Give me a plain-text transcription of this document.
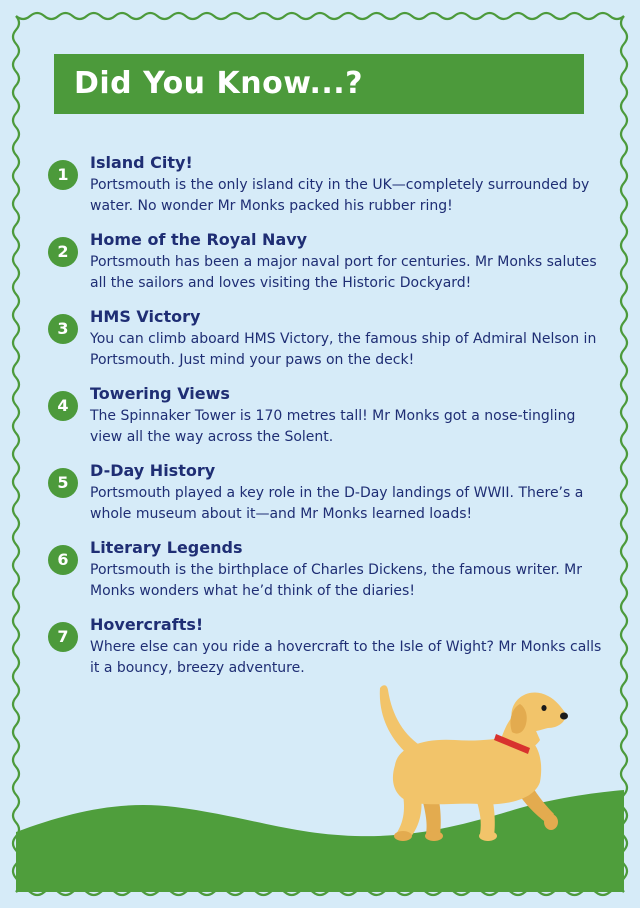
Did You Know...?
1
Island City!
Portsmouth is the only island city in the UK—completely surrounded by water. No wonder Mr Monks packed his rubber ring!
2
Home of the Royal Navy
Portsmouth has been a major naval port for centuries. Mr Monks salutes all the sailors and loves visiting the Historic Dockyard!
3
HMS Victory
You can climb aboard HMS Victory, the famous ship of Admiral Nelson in Portsmouth. Just mind your paws on the deck!
4
Towering Views
The Spinnaker Tower is 170 metres tall! Mr Monks got a nose-tingling view all the way across the Solent.
5
D-Day History
Portsmouth played a key role in the D-Day landings of WWII. There’s a whole museum about it—and Mr Monks learned loads!
6
Literary Legends
Portsmouth is the birthplace of Charles Dickens, the famous writer. Mr Monks wonders what he’d think of the diaries!
7
Hovercrafts!
Where else can you ride a hovercraft to the Isle of Wight? Mr Monks calls it a bouncy, breezy adventure.
